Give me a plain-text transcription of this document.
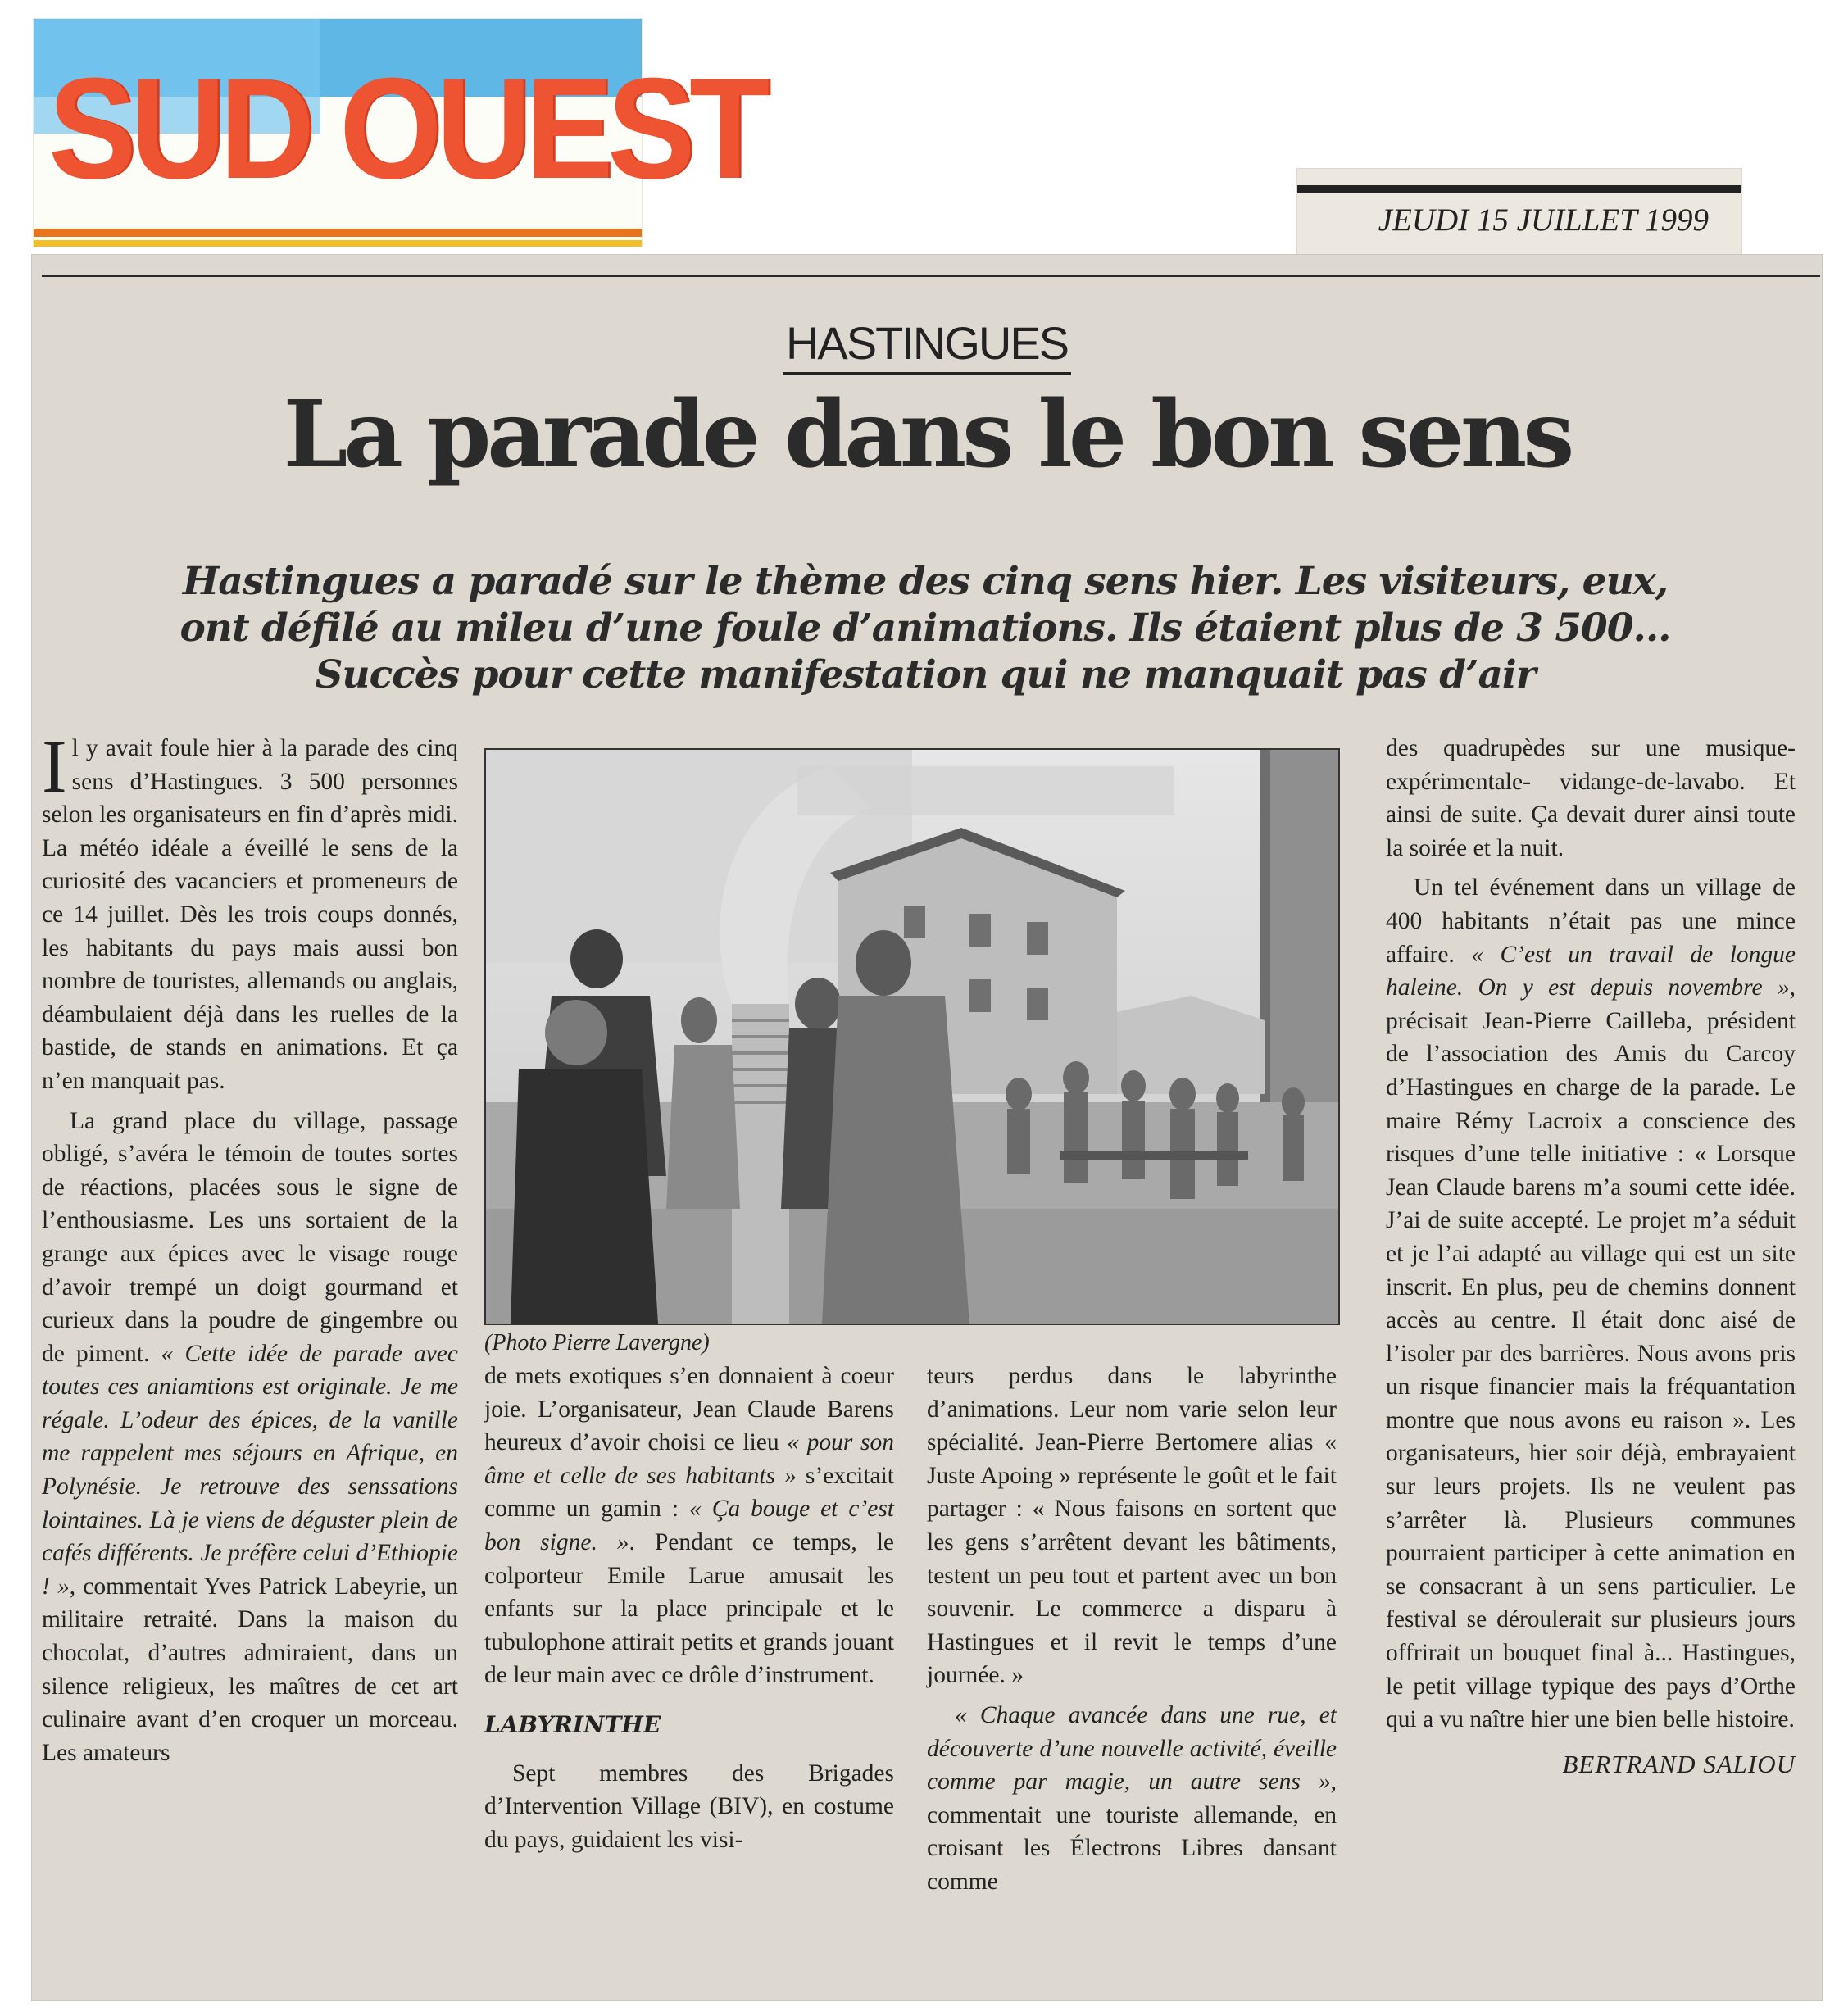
SUD OUEST
JEUDI 15 JUILLET 1999
HASTINGUES
La parade dans le bon sens
Hastingues a paradé sur le thème des cinq sens hier. Les visiteurs, eux,
ont défilé au mileu d’une foule d’animations. Ils étaient plus de 3 500...
Succès pour cette manifestation qui ne manquait pas d’air

Il y avait foule hier à la parade des cinq sens d’Hastingues. 3 500 personnes selon les organisateurs en fin d’après midi. La météo idéale a éveillé le sens de la curiosité des vacanciers et promeneurs de ce 14 juillet. Dès les trois coups donnés, les habitants du pays mais aussi bon nombre de touristes, allemands ou anglais, déambulaient déjà dans les ruelles de la bastide, de stands en animations. Et ça n’en manquait pas.

La grand place du village, passage obligé, s’avéra le témoin de toutes sortes de réactions, placées sous le signe de l’enthousiasme. Les uns sortaient de la grange aux épices avec le visage rouge d’avoir trempé un doigt gourmand et curieux dans la poudre de gingembre ou de piment. « Cette idée de parade avec toutes ces aniamtions est originale. Je me régale. L’odeur des épices, de la vanille me rappelent mes séjours en Afrique, en Polynésie. Je retrouve des senssations lointaines. Là je viens de déguster plein de cafés différents. Je préfère celui d’Ethiopie ! », commentait Yves Patrick Labeyrie, un militaire retraité. Dans la maison du chocolat, d’autres admiraient, dans un silence religieux, les maîtres de cet art culinaire avant d’en croquer un morceau. Les amateurs

(Photo Pierre Lavergne)

de mets exotiques s’en donnaient à coeur joie. L’organisateur, Jean Claude Barens heureux d’avoir choisi ce lieu « pour son âme et celle de ses habitants » s’excitait comme un gamin : « Ça bouge et c’est bon signe. ». Pendant ce temps, le colporteur Emile Larue amusait les enfants sur la place principale et le tubulophone attirait petits et grands jouant de leur main avec ce drôle d’instrument.

LABYRINTHE

Sept membres des Brigades d’Intervention Village (BIV), en costume du pays, guidaient les visi-

teurs perdus dans le labyrinthe d’animations. Leur nom varie selon leur spécialité. Jean-Pierre Bertomere alias « Juste Apoing » représente le goût et le fait partager : « Nous faisons en sortent que les gens s’arrêtent devant les bâtiments, testent un peu tout et partent avec un bon souvenir. Le commerce a disparu à Hastingues et il revit le temps d’une journée. »

« Chaque avancée dans une rue, et découverte d’une nouvelle activité, éveille comme par magie, un autre sens », commentait une touriste allemande, en croisant les Électrons Libres dansant comme

des quadrupèdes sur une musique-expérimentale- vidange-de-lavabo. Et ainsi de suite. Ça devait durer ainsi toute la soirée et la nuit.

Un tel événement dans un village de 400 habitants n’était pas une mince affaire. « C’est un travail de longue haleine. On y est depuis novembre », précisait Jean-Pierre Cailleba, président de l’association des Amis du Carcoy d’Hastingues en charge de la parade. Le maire Rémy Lacroix a conscience des risques d’une telle initiative : « Lorsque Jean Claude barens m’a soumi cette idée. J’ai de suite accepté. Le projet m’a séduit et je l’ai adapté au village qui est un site inscrit. En plus, peu de chemins donnent accès au centre. Il était donc aisé de l’isoler par des barrières. Nous avons pris un risque financier mais la fréquantation montre que nous avons eu raison ». Les organisateurs, hier soir déjà, embrayaient sur leurs projets. Ils ne veulent pas s’arrêter là. Plusieurs communes pourraient participer à cette animation en se consacrant à un sens particulier. Le festival se déroulerait sur plusieurs jours offrirait un bouquet final à... Hastingues, le petit village typique des pays d’Orthe qui a vu naître hier une bien belle histoire.

BERTRAND SALIOU
